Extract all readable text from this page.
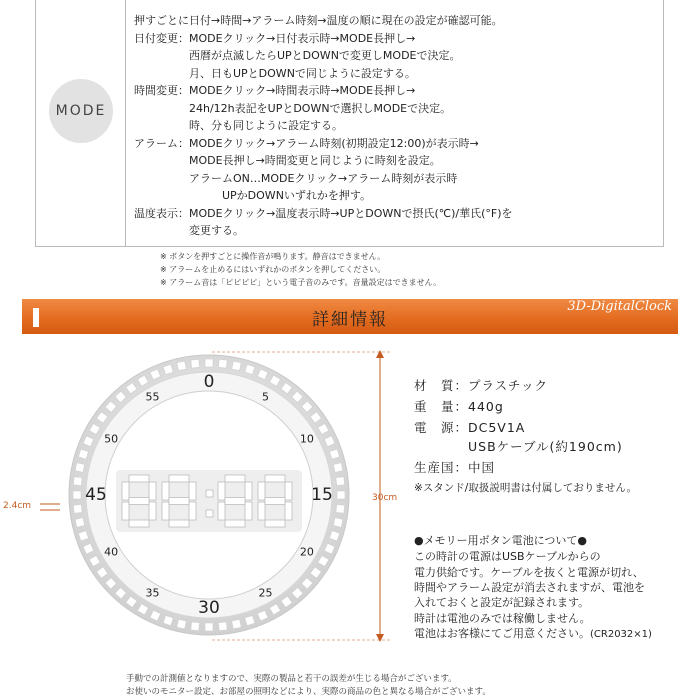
MODE
押すごとに日付→時間→アラーム時刻→温度の順に現在の設定が確認可能。
日付変更：MODEクリック→日付表示時→MODE長押し→
　　　　　西暦が点滅したらUPとDOWNで変更しMODEで決定。
　　　　　月、日もUPとDOWNで同じように設定する。
時間変更：MODEクリック→時間表示時→MODE長押し→
　　　　　24h/12h表記をUPとDOWNで選択しMODEで決定。
　　　　　時、分も同じように設定する。
アラーム：MODEクリック→アラーム時刻(初期設定12:00)が表示時→
　　　　　MODE長押し→時間変更と同じように時刻を設定。
　　　　　アラームON…MODEクリック→アラーム時刻が表示時
　　　　　　　　UPかDOWNいずれかを押す。
温度表示：MODEクリック→温度表示時→UPとDOWNで摂氏(℃)/華氏(°F)を
　　　　　変更する。
※ ボタンを押すごとに操作音が鳴ります。静音はできません。
※ アラームを止めるにはいずれかのボタンを押してください。
※ アラーム音は「ピピピピ」という電子音のみです。音量設定はできません。
詳細情報
3D-DigitalClock
0
5
10
15
20
25
30
35
40
45
50
55
2.4cm
30cm
材　質：プラスチック
重　量：440g
電　源：DC5V1A
　　　　USBケーブル(約190cm)
生産国：中国
※スタンド/取扱説明書は付属しておりません。
●メモリー用ボタン電池について●
この時計の電源はUSBケーブルからの
電力供給です。ケーブルを抜くと電源が切れ、
時間やアラーム設定が消去されますが、電池を
入れておくと設定が記録されます。
時計は電池のみでは稼働しません。
電池はお客様にてご用意ください。(CR2032×1)
手動での計測値となりますので、実際の製品と若干の誤差が生じる場合がございます。
お使いのモニター設定、お部屋の照明などにより、実際の商品の色と異なる場合がございます。
